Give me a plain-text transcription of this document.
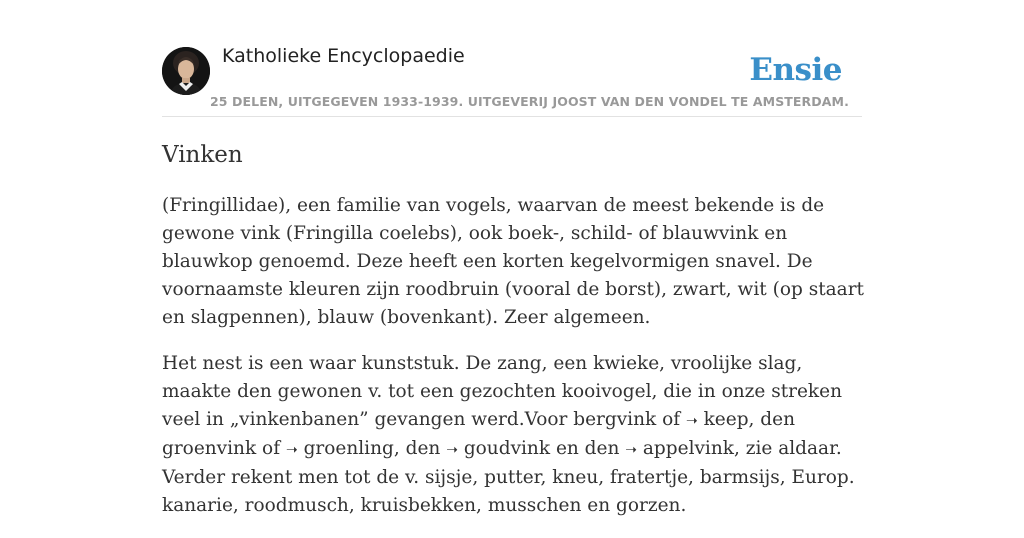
Katholieke Encyclopaedie	Ensie
25 DELEN, UITGEGEVEN 1933-1939. UITGEVERIJ JOOST VAN DEN VONDEL TE AMSTERDAM.
Vinken

(Fringillidae), een familie van vogels, waarvan de meest bekende is de gewone vink (Fringilla coelebs), ook boek-, schild- of blauwvink en blauwkop genoemd. Deze heeft een korten kegelvormigen snavel. De voornaamste kleuren zijn roodbruin (vooral de borst), zwart, wit (op staart en slagpennen), blauw (bovenkant). Zeer algemeen.

Het nest is een waar kunststuk. De zang, een kwieke, vroolijke slag, maakte den gewonen v. tot een gezochten kooivogel, die in onze streken veel in „vinkenbanen” gevangen werd.Voor bergvink of ➝ keep, den groenvink of ➝ groenling, den ➝ goudvink en den ➝ appelvink, zie aldaar. Verder rekent men tot de v. sijsje, putter, kneu, fratertje, barmsijs, Europ. kanarie, roodmusch, kruisbekken, musschen en gorzen.
